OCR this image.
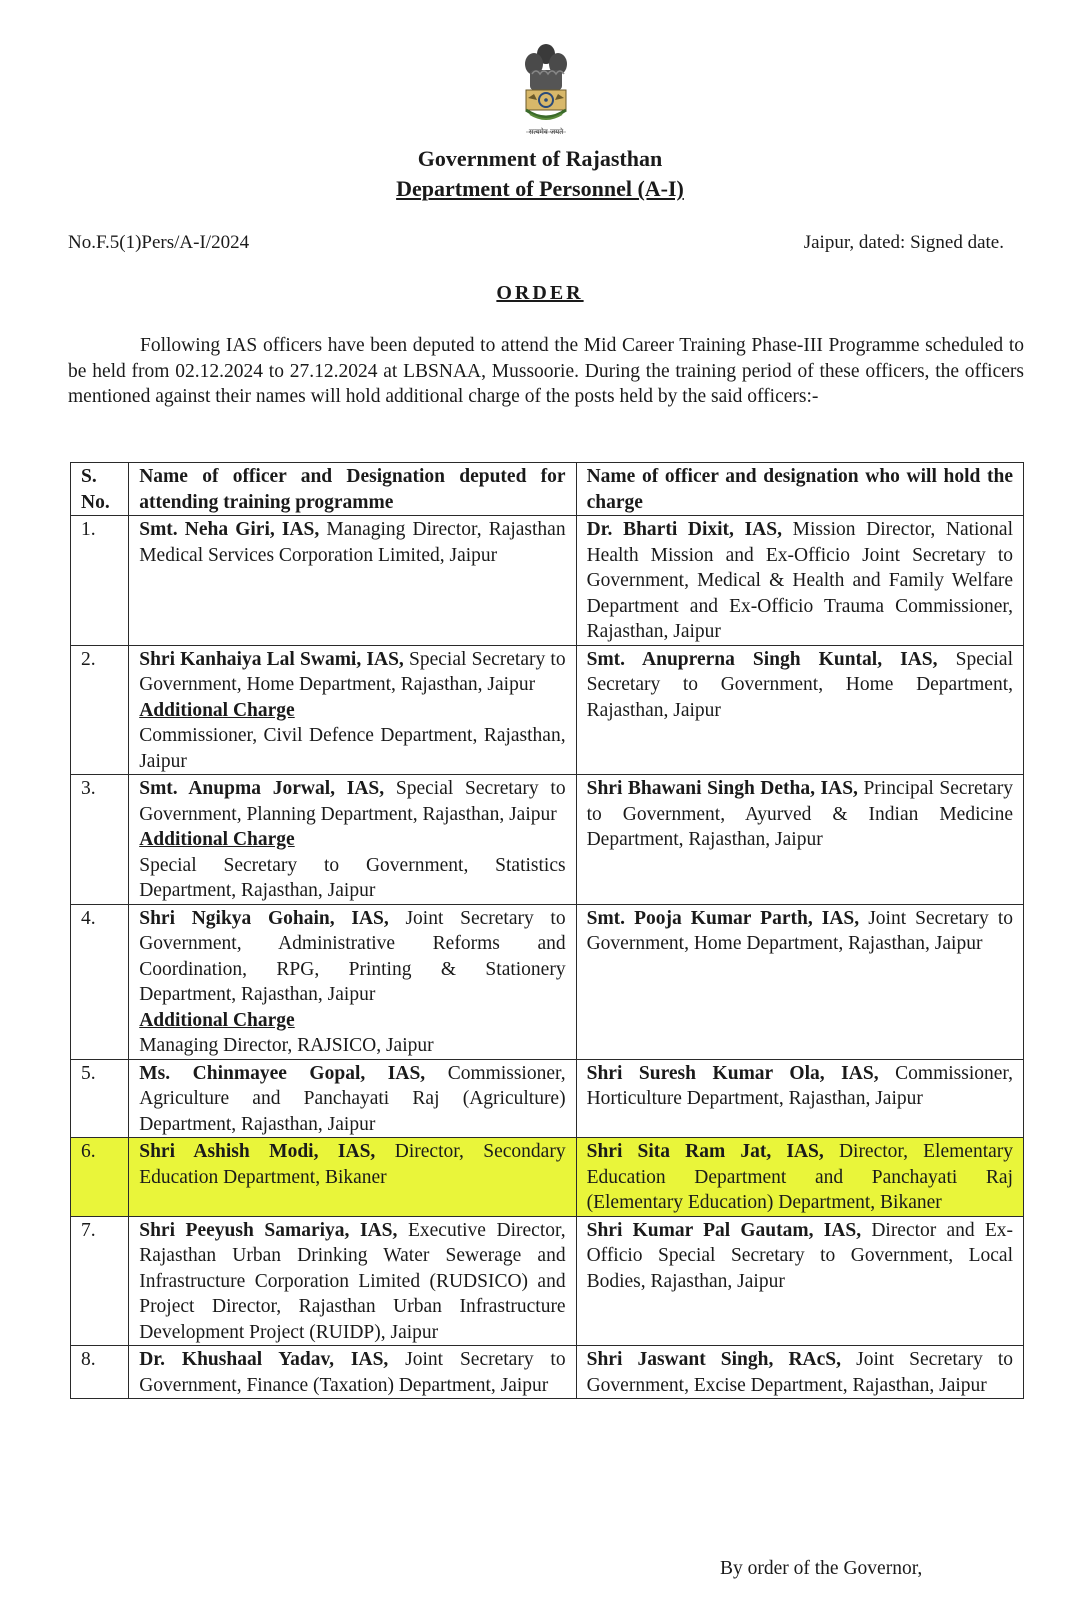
सत्यमेव जयते
Government of Rajasthan
Department of Personnel (A-I)
No.F.5(1)Pers/A-I/2024	Jaipur, dated: Signed date.
ORDER

Following IAS officers have been deputed to attend the Mid Career Training Phase-III Programme scheduled to be held from 02.12.2024 to 27.12.2024 at LBSNAA, Mussoorie. During the training period of these officers, the officers mentioned against their names will hold additional charge of the posts held by the said officers:-

S. No.	Name of officer and Designation deputed for attending training programme	Name of officer and designation who will hold the charge
1.	Smt. Neha Giri, IAS, Managing Director, Rajasthan Medical Services Corporation Limited, Jaipur	Dr. Bharti Dixit, IAS, Mission Director, National Health Mission and Ex-Officio Joint Secretary to Government, Medical & Health and Family Welfare Department and Ex-Officio Trauma Commissioner, Rajasthan, Jaipur
2.	Shri Kanhaiya Lal Swami, IAS, Special Secretary to Government, Home Department, Rajasthan, Jaipur
Additional Charge
Commissioner, Civil Defence Department, Rajasthan, Jaipur	Smt. Anuprerna Singh Kuntal, IAS, Special Secretary to Government, Home Department, Rajasthan, Jaipur
3.	Smt. Anupma Jorwal, IAS, Special Secretary to Government, Planning Department, Rajasthan, Jaipur
Additional Charge
Special Secretary to Government, Statistics Department, Rajasthan, Jaipur	Shri Bhawani Singh Detha, IAS, Principal Secretary to Government, Ayurved & Indian Medicine Department, Rajasthan, Jaipur
4.	Shri Ngikya Gohain, IAS, Joint Secretary to Government, Administrative Reforms and Coordination, RPG, Printing & Stationery Department, Rajasthan, Jaipur
Additional Charge
Managing Director, RAJSICO, Jaipur	Smt. Pooja Kumar Parth, IAS, Joint Secretary to Government, Home Department, Rajasthan, Jaipur
5.	Ms. Chinmayee Gopal, IAS, Commissioner, Agriculture and Panchayati Raj (Agriculture) Department, Rajasthan, Jaipur	Shri Suresh Kumar Ola, IAS, Commissioner, Horticulture Department, Rajasthan, Jaipur
6.	Shri Ashish Modi, IAS, Director, Secondary Education Department, Bikaner	Shri Sita Ram Jat, IAS, Director, Elementary Education Department and Panchayati Raj (Elementary Education) Department, Bikaner
7.	Shri Peeyush Samariya, IAS, Executive Director, Rajasthan Urban Drinking Water Sewerage and Infrastructure Corporation Limited (RUDSICO) and Project Director, Rajasthan Urban Infrastructure Development Project (RUIDP), Jaipur	Shri Kumar Pal Gautam, IAS, Director and Ex-Officio Special Secretary to Government, Local Bodies, Rajasthan, Jaipur
8.	Dr. Khushaal Yadav, IAS, Joint Secretary to Government, Finance (Taxation) Department, Jaipur	Shri Jaswant Singh, RAcS, Joint Secretary to Government, Excise Department, Rajasthan, Jaipur
By order of the Governor,
